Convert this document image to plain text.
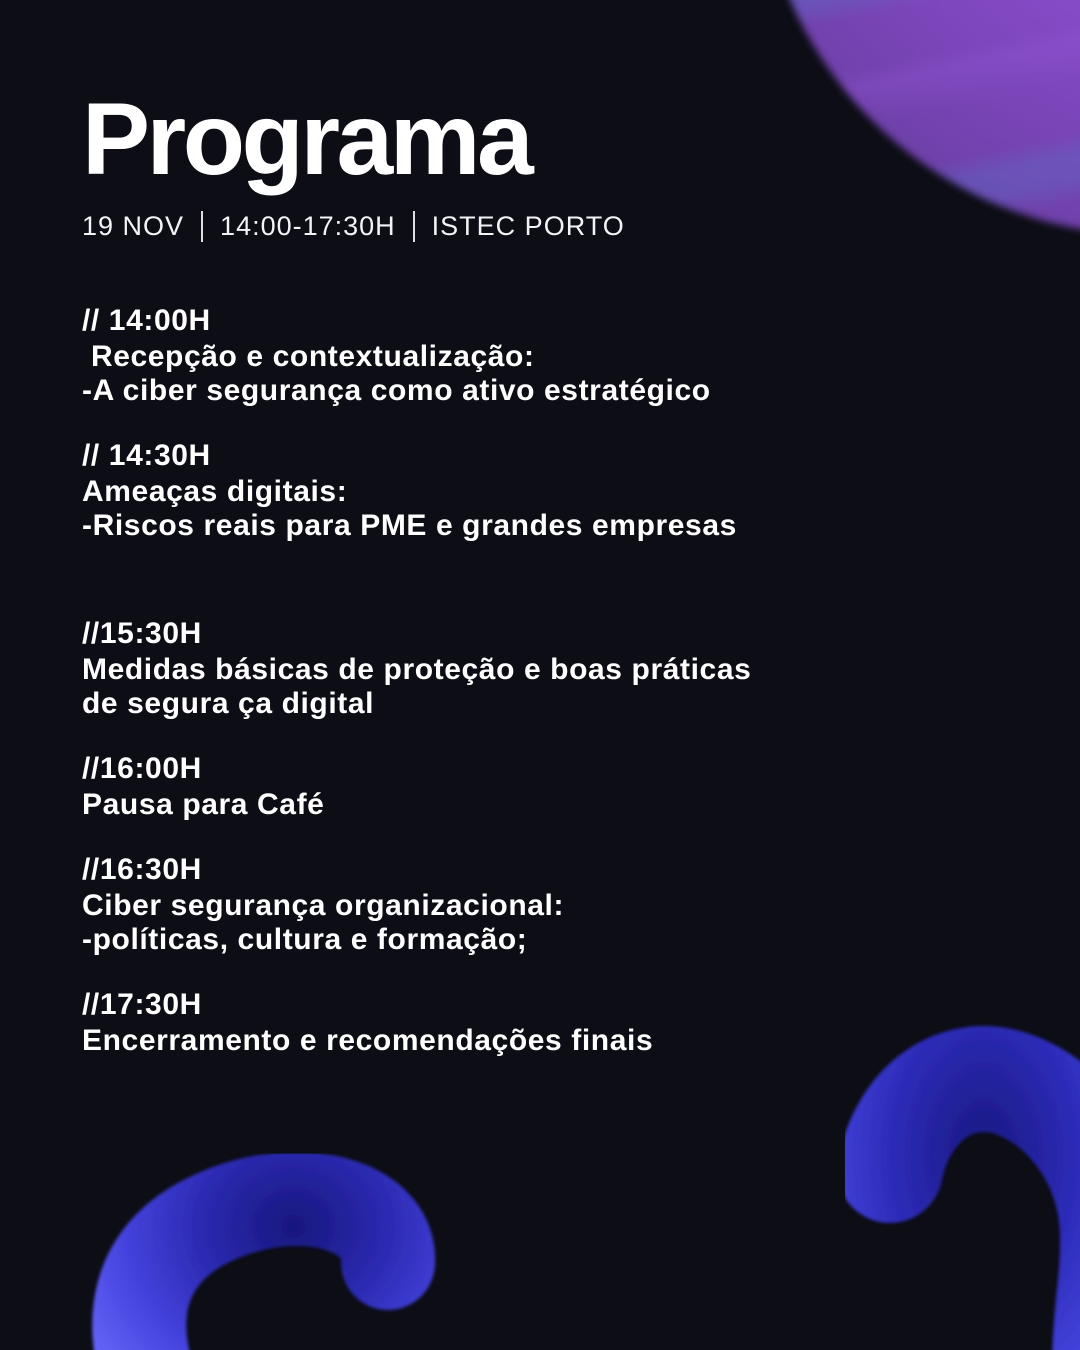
Programa
19 NOV 14:00-17:30H ISTEC PORTO
// 14:00H
Recepção e contextualização:
-A ciber segurança como ativo estratégico
// 14:30H
Ameaças digitais:
-Riscos reais para PME e grandes empresas
//15:30H
Medidas básicas de proteção e boas práticas
de segura ça digital
//16:00H
Pausa para Café
//16:30H
Ciber segurança organizacional:
-políticas, cultura e formação;
//17:30H
Encerramento e recomendações finais
